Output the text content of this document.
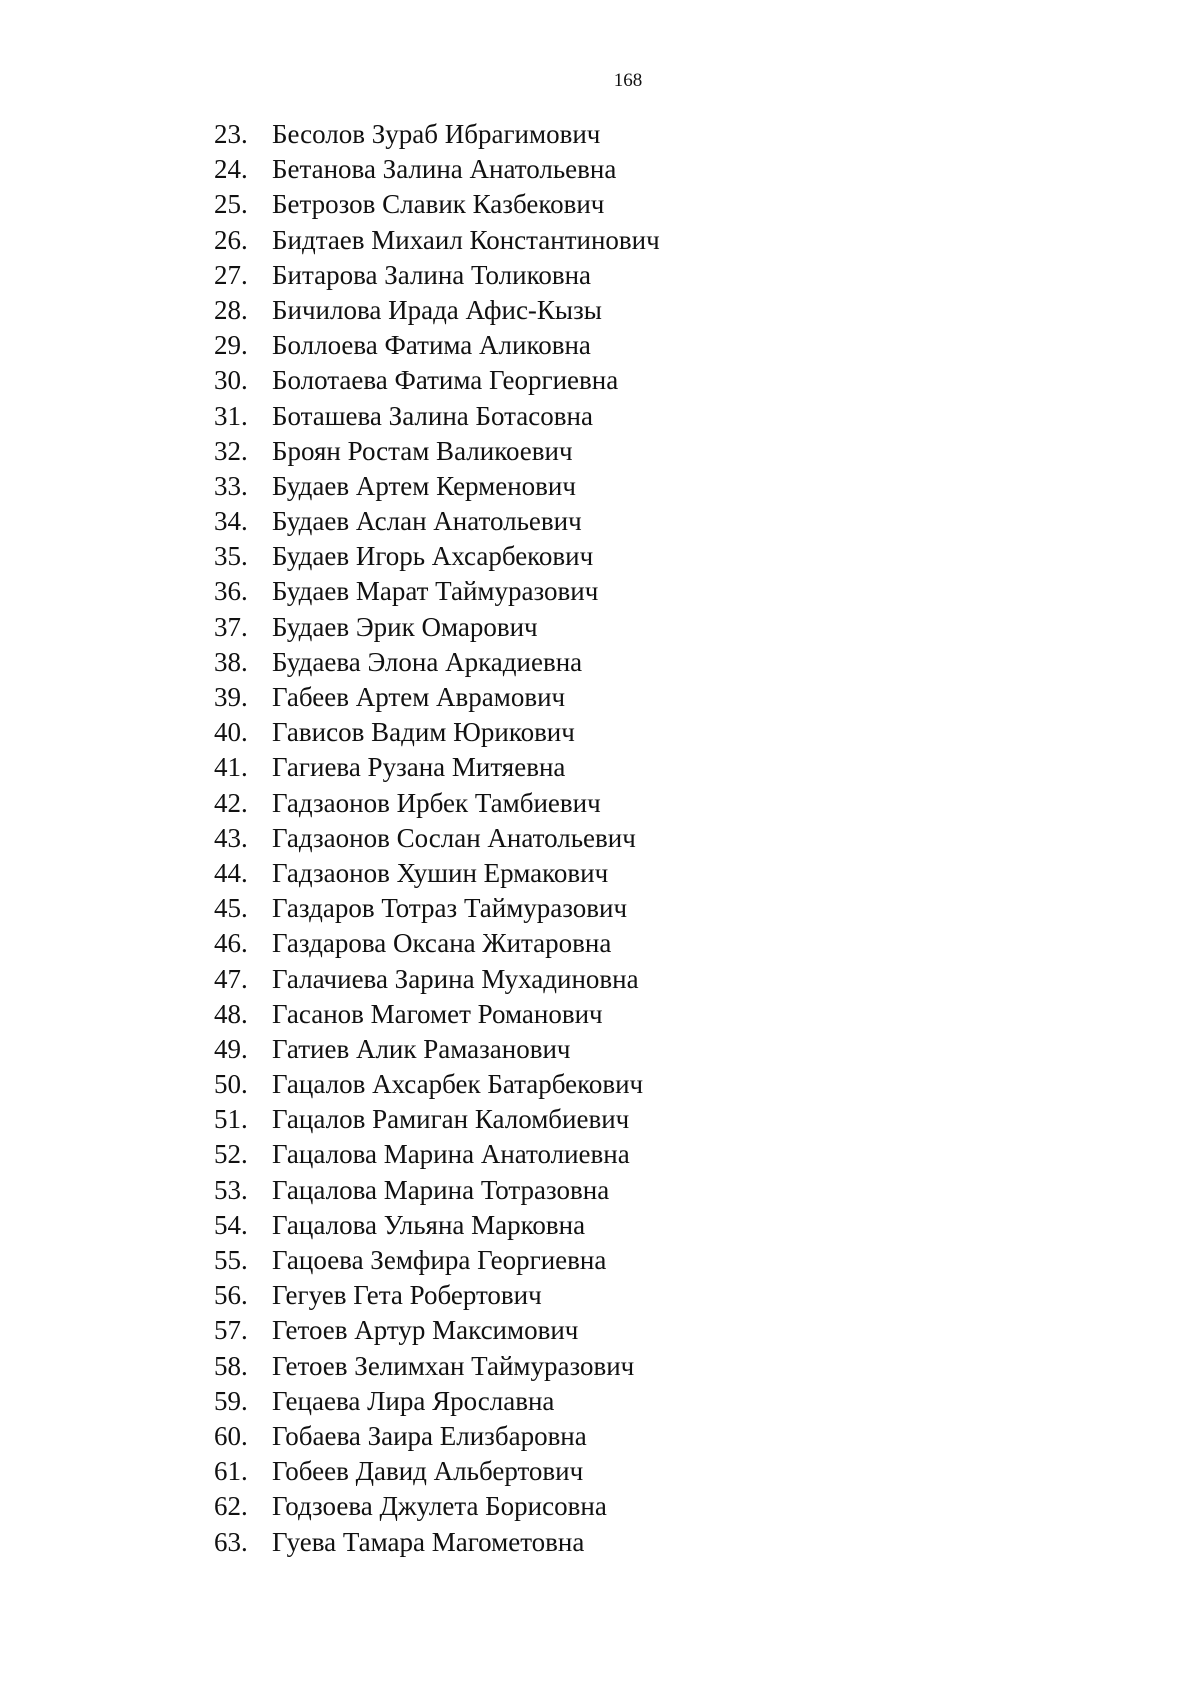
168
23. Бесолов Зураб Ибрагимович
24. Бетанова Залина Анатольевна
25. Бетрозов Славик Казбекович
26. Бидтаев Михаил Константинович
27. Битарова Залина Толиковна
28. Бичилова Ирада Афис-Кызы
29. Боллоева Фатима Аликовна
30. Болотаева Фатима Георгиевна
31. Боташева Залина Ботасовна
32. Броян Ростам Валикоевич
33. Будаев Артем Керменович
34. Будаев Аслан Анатольевич
35. Будаев Игорь Ахсарбекович
36. Будаев Марат Таймуразович
37. Будаев Эрик Омарович
38. Будаева Элона Аркадиевна
39. Габеев Артем Аврамович
40. Гависов Вадим Юрикович
41. Гагиева Рузана Митяевна
42. Гадзаонов Ирбек Тамбиевич
43. Гадзаонов Сослан Анатольевич
44. Гадзаонов Хушин Ермакович
45. Газдаров Тотраз Таймуразович
46. Газдарова Оксана Житаровна
47. Галачиева Зарина Мухадиновна
48. Гасанов Магомет Романович
49. Гатиев Алик Рамазанович
50. Гацалов Ахсарбек Батарбекович
51. Гацалов Рамиган Каломбиевич
52. Гацалова Марина Анатолиевна
53. Гацалова Марина Тотразовна
54. Гацалова Ульяна Марковна
55. Гацоева Земфира Георгиевна
56. Гегуев Гета Робертович
57. Гетоев Артур Максимович
58. Гетоев Зелимхан Таймуразович
59. Гецаева Лира Ярославна
60. Гобаева Заира Елизбаровна
61. Гобеев Давид Альбертович
62. Годзоева Джулета Борисовна
63. Гуева Тамара Магометовна
